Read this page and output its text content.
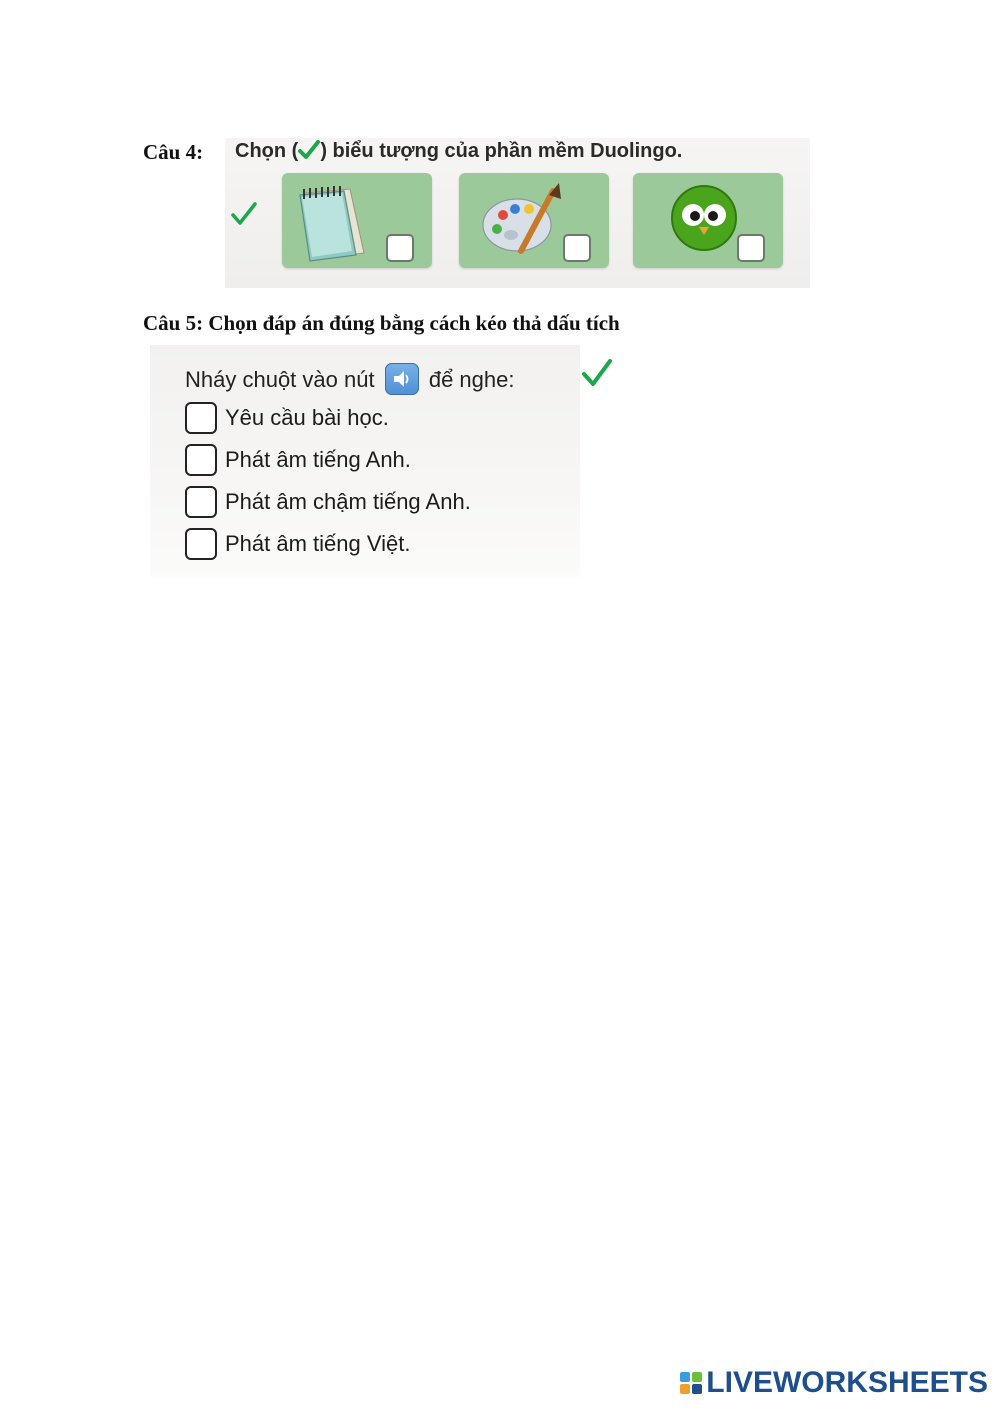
Câu 4: Chọn ( ) biểu tượng của phần mềm Duolingo.
Câu 5: Chọn đáp án đúng bằng cách kéo thả dấu tích
Nháy chuột vào nút để nghe:
Yêu cầu bài học.
Phát âm tiếng Anh.
Phát âm chậm tiếng Anh.
Phát âm tiếng Việt.
LIVEWORKSHEETS
